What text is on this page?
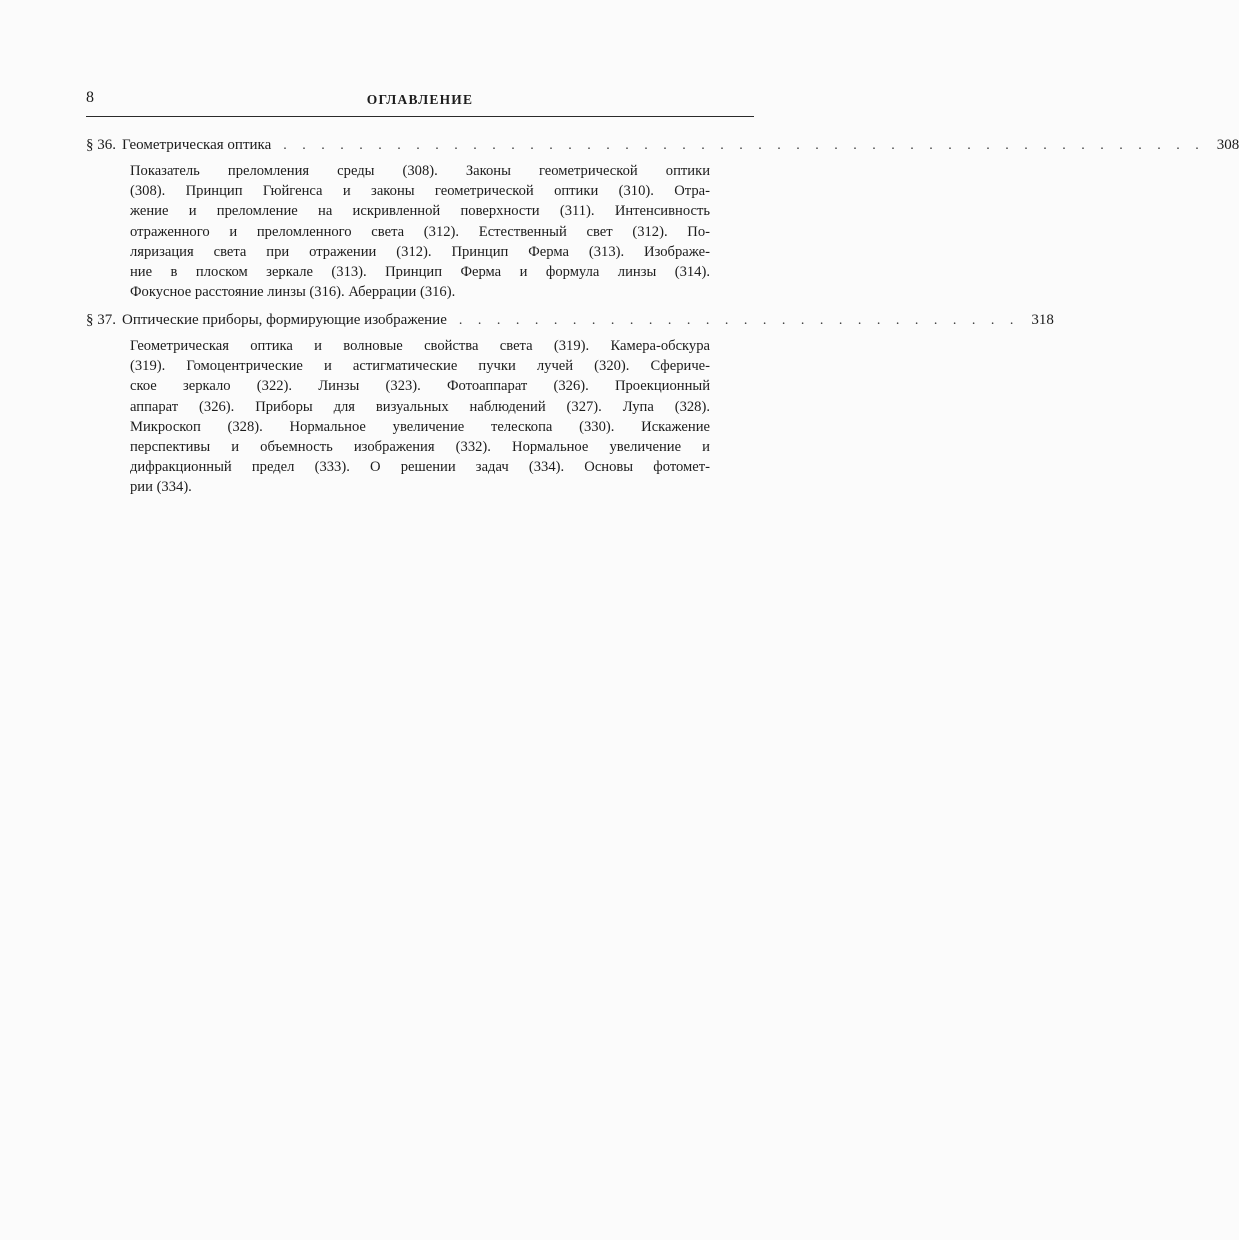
8	ОГЛАВЛЕНИЕ
§ 36. Геометрическая оптика . . . . . . . . . . . . . . . . . . . . . . . . . . . . . . . . . . . . . . . . . . . . . . . . . 308
Показатель преломления среды (308). Законы геометрической оптики
(308). Принцип Гюйгенса и законы геометрической оптики (310). Отра-
жение и преломление на искривленной поверхности (311). Интенсивность
отраженного и преломленного света (312). Естественный свет (312). По-
ляризация света при отражении (312). Принцип Ферма (313). Изображе-
ние в плоском зеркале (313). Принцип Ферма и формула линзы (314).
Фокусное расстояние линзы (316). Аберрации (316).
§ 37. Оптические приборы, формирующие изображение . . . . . . . . . . . . . . . . . . . . . . . . . . . . . . 318
Геометрическая оптика и волновые свойства света (319). Камера-обскура
(319). Гомоцентрические и астигматические пучки лучей (320). Сфериче-
ское зеркало (322). Линзы (323). Фотоаппарат (326). Проекционный
аппарат (326). Приборы для визуальных наблюдений (327). Лупа (328).
Микроскоп (328). Нормальное увеличение телескопа (330). Искажение
перспективы и объемность изображения (332). Нормальное увеличение и
дифракционный предел (333). О решении задач (334). Основы фотомет-
рии (334).
